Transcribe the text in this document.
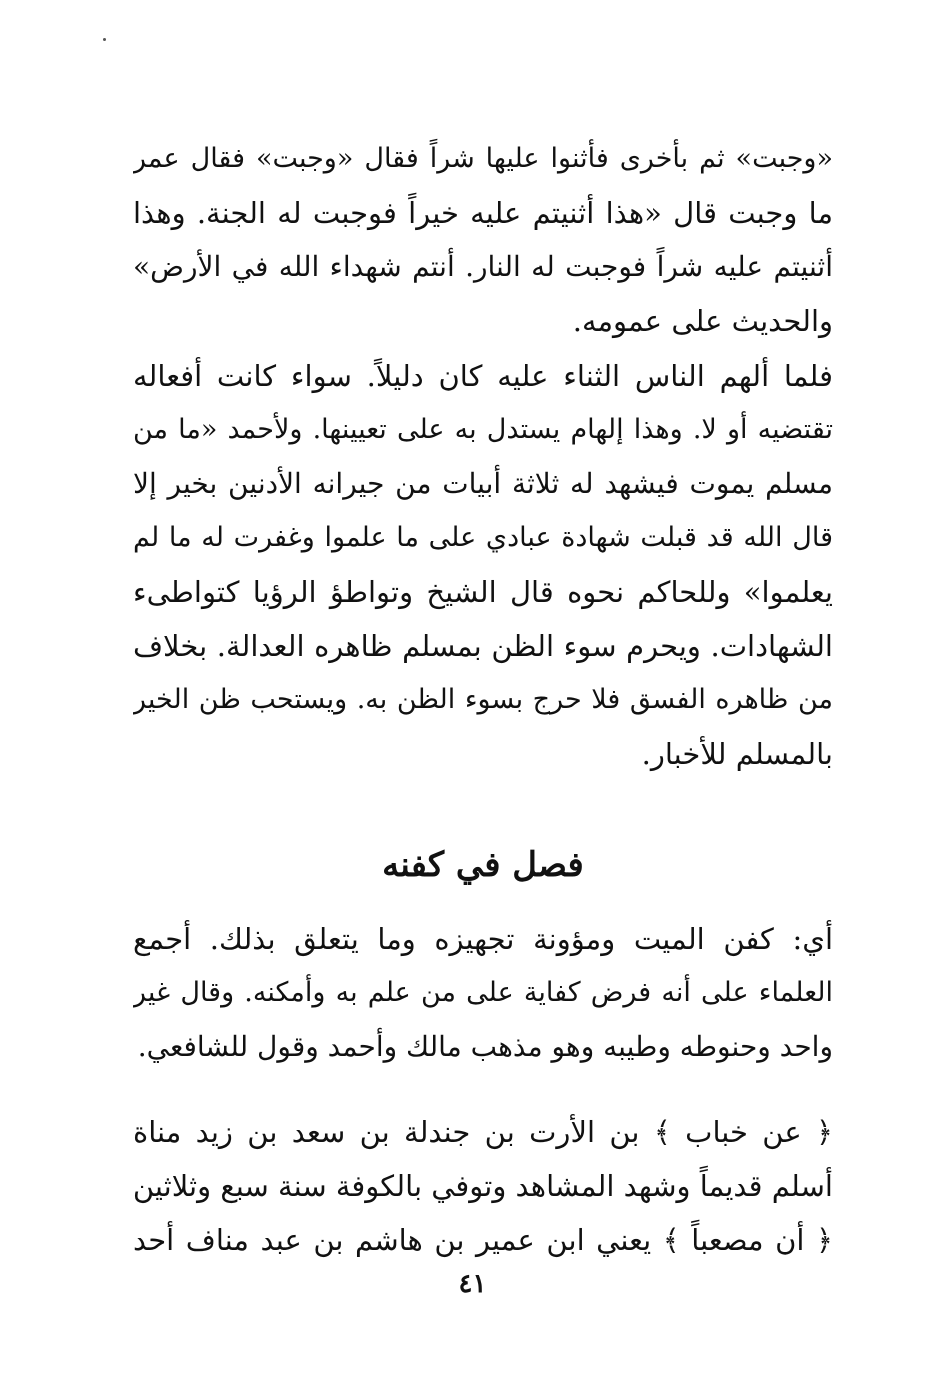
«وجبت» ثم بأخرى فأثنوا عليها شراً فقال «وجبت» فقال عمر
ما وجبت قال «هذا أثنيتم عليه خيراً فوجبت له الجنة. وهذا
أثنيتم عليه شراً فوجبت له النار. أنتم شهداء الله في الأرض»
والحديث على عمومه.
فلما ألهم الناس الثناء عليه كان دليلاً. سواء كانت أفعاله
تقتضيه أو لا. وهذا إلهام يستدل به على تعيينها. ولأحمد «ما من
مسلم يموت فيشهد له ثلاثة أبيات من جيرانه الأدنين بخير إلا
قال الله قد قبلت شهادة عبادي على ما علموا وغفرت له ما لم
يعلموا» وللحاكم نحوه قال الشيخ وتواطؤ الرؤيا كتواطىء
الشهادات. ويحرم سوء الظن بمسلم ظاهره العدالة. بخلاف
من ظاهره الفسق فلا حرج بسوء الظن به. ويستحب ظن الخير
بالمسلم للأخبار.
فصل في كفنه
أي: كفن الميت ومؤونة تجهيزه وما يتعلق بذلك. أجمع
العلماء على أنه فرض كفاية على من علم به وأمكنه. وقال غير
واحد وحنوطه وطيبه وهو مذهب مالك وأحمد وقول للشافعي.
﴿ عن خباب ﴾ بن الأرت بن جندلة بن سعد بن زيد مناة
أسلم قديماً وشهد المشاهد وتوفي بالكوفة سنة سبع وثلاثين
﴿ أن مصعباً ﴾ يعني ابن عمير بن هاشم بن عبد مناف أحد
٤١
